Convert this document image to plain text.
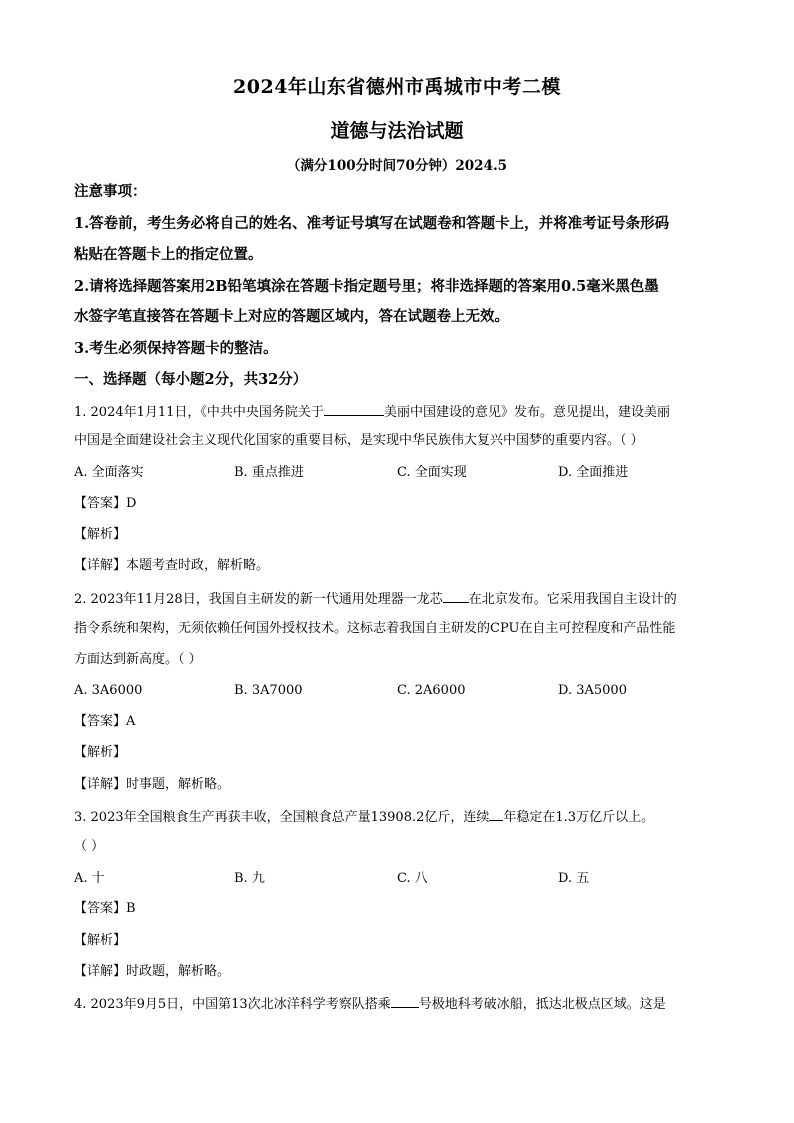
2024年山东省德州市禹城市中考二模
道德与法治试题
（满分100分时间70分钟）2024.5
注意事项：
1.答卷前，考生务必将自己的姓名、准考证号填写在试题卷和答题卡上，并将准考证号条形码
粘贴在答题卡上的指定位置。
2.请将选择题答案用2B铅笔填涂在答题卡指定题号里；将非选择题的答案用0.5毫米黑色墨
水签字笔直接答在答题卡上对应的答题区域内，答在试题卷上无效。
3.考生必须保持答题卡的整洁。
一、选择题（每小题2分，共32分）
1. 2024年1月11日，《中共中央国务院关于	美丽中国建设的意见》发布。意见提出，建设美丽
中国是全面建设社会主义现代化国家的重要目标，是实现中华民族伟大复兴中国梦的重要内容。（ ）
A. 全面落实	B. 重点推进	C. 全面实现	D. 全面推进
【答案】D
【解析】
【详解】本题考查时政，解析略。
2. 2023年11月28日，我国自主研发的新一代通用处理器一龙芯 在北京发布。它采用我国自主设计的
指令系统和架构，无须依赖任何国外授权技术。这标志着我国自主研发的CPU在自主可控程度和产品性能
方面达到新高度。（ ）
A. 3A6000	B. 3A7000	C. 2A6000	D. 3A5000
【答案】A
【解析】
【详解】时事题，解析略。
3. 2023年全国粮食生产再获丰收，全国粮食总产量13908.2亿斤，连续 年稳定在1.3万亿斤以上。
（ ）
A. 十	B. 九	C. 八	D. 五
【答案】B
【解析】
【详解】时政题，解析略。
4. 2023年9月5日，中国第13次北冰洋科学考察队搭乘 号极地科考破冰船，抵达北极点区域。这是
